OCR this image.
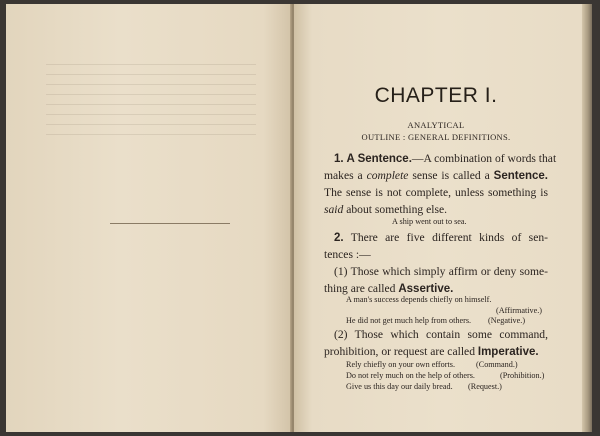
CHAPTER I.
ANALYTICAL
OUTLINE : GENERAL DEFINITIONS.
1. A Sentence.—A combination of words that
makes a complete sense is called a Sentence.
The sense is not complete, unless something is
said about something else.
A ship went out to sea.
2. There are five different kinds of sen-
tences :—
(1) Those which simply affirm or deny some-
thing are called Assertive.
A man's success depends chiefly on himself.
(Affirmative.)
He did not get much help from others. (Negative.)
(2) Those which contain some command,
prohibition, or request are called Imperative.
Rely chiefly on your own efforts.	(Command.)
Do not rely much on the help of others.	(Prohibition.)
Give us this day our daily bread. (Request.)
